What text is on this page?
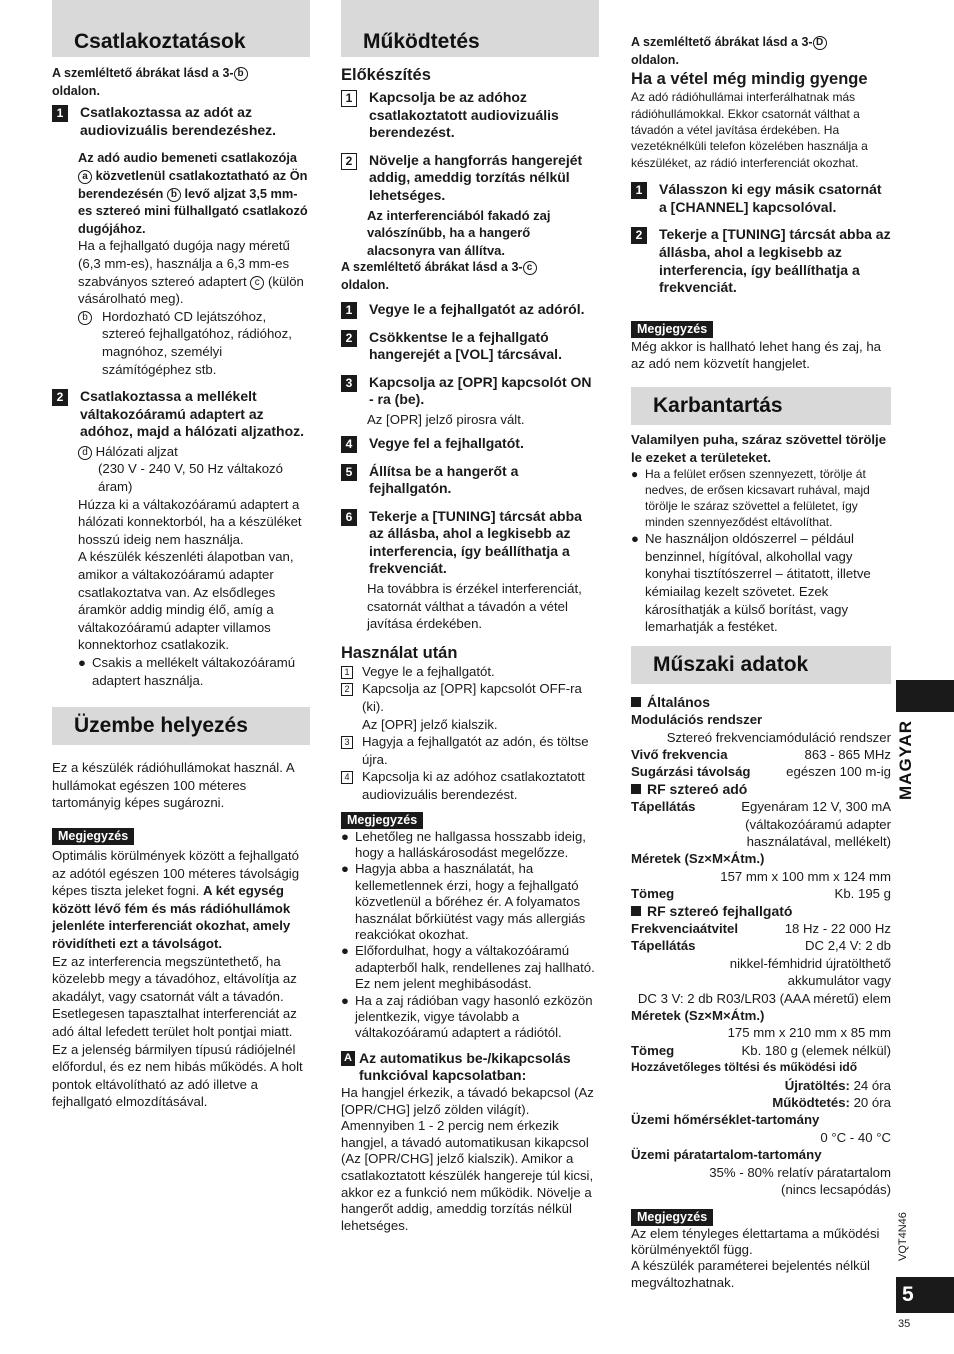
Csatlakoztatások

A szemléltető ábrákat lásd a 3- b
oldalon.

1	Csatlakoztassa az adót az audiovizuális berendezéshez.

Az adó audio bemeneti csatlakozója a közvetlenül csatlakoztatható az Ön berendezésén b levő aljzat 3,5 mm-es sztereó mini fülhallgató csatlakozó dugójához.

Ha a fejhallgató dugója nagy méretű (6,3 mm-es), használja a 6,3 mm-es szabványos sztereó adaptert c (külön vásárolható meg).

b	Hordozható CD lejátszóhoz, sztereó fejhallgatóhoz, rádióhoz, magnóhoz, személyi számítógéphez stb.
2	Csatlakoztassa a mellékelt váltakozóáramú adaptert az adóhoz, majd a hálózati aljzathoz.

d Hálózati aljzat

(230 V - 240 V, 50 Hz váltakozó áram)

Húzza ki a váltakozóáramú adaptert a hálózati konnektorból, ha a készüléket hosszú ideig nem használja.

A készülék készenléti álapotban van, amikor a váltakozóáramú adapter csatlakoztatva van. Az elsődleges áramkör addig mindig élő, amíg a váltakozóáramú adapter villamos konnektorhoz csatlakozik.

● Csakis a mellékelt váltakozóáramú adaptert használja.
Üzembe helyezés

Ez a készülék rádióhullámokat használ. A hullámokat egészen 100 méteres tartományig képes sugározni.

Megjegyzés

Optimális körülmények között a fejhallgató az adótól egészen 100 méteres távolságig képes tiszta jeleket fogni. A két egység között lévő fém és más rádióhullámok jelenléte interferenciát okozhat, amely rövidítheti ezt a távolságot.

Ez az interferencia megszüntethető, ha közelebb megy a távadóhoz, eltávolítja az akadályt, vagy csatornát vált a távadón.

Esetlegesen tapasztalhat interferenciát az adó által lefedett terület holt pontjai miatt. Ez a jelenség bármilyen típusú rádiójelnél előfordul, és ez nem hibás működés. A holt pontok eltávolítható az adó illetve a fejhallgató elmozdításával.

Működtetés

Előkészítés

1	Kapcsolja be az adóhoz csatlakoztatott audiovizuális berendezést.
2	Növelje a hangforrás hangerejét addig, ameddig torzítás nélkül lehetséges.

Az interferenciából fakadó zaj valószínűbb, ha a hangerő alacsonyra van állítva.

A szemléltető ábrákat lásd a 3- c
oldalon.

1	Vegye le a fejhallgatót az adóról.
2	Csökkentse le a fejhallgató hangerejét a [VOL] tárcsával.
3	Kapcsolja az [OPR] kapcsolót ON - ra (be).

Az [OPR] jelző pirosra vált.

4	Vegye fel a fejhallgatót.
5	Állítsa be a hangerőt a fejhallgatón.
6	Tekerje a [TUNING] tárcsát abba az állásba, ahol a legkisebb az interferencia, így beállíthatja a frekvenciát.

Ha továbbra is érzékel interferenciát, csatornát válthat a távadón a vétel javítása érdekében.

Használat után

1 Vegye le a fejhallgatót.
2 Kapcsolja az [OPR] kapcsolót OFF-ra (ki).
Az [OPR] jelző kialszik.
3 Hagyja a fejhallgatót az adón, és töltse újra.
4 Kapcsolja ki az adóhoz csatlakoztatott audiovizuális berendezést.
Megjegyzés
● Lehetőleg ne hallgassa hosszabb ideig, hogy a halláskárosodást megelőzze.
● Hagyja abba a használatát, ha kellemetlennek érzi, hogy a fejhallgató közvetlenül a bőréhez ér. A folyamatos használat bőrkiütést vagy más allergiás reakciókat okozhat.
● Előfordulhat, hogy a váltakozóáramú adapterből halk, rendellenes zaj hallható. Ez nem jelent meghibásodást.
● Ha a zaj rádióban vagy hasonló ezközön jelentkezik, vigye távolabb a váltakozóáramú adaptert a rádiótól.
A Az automatikus be-/kikapcsolás funkcióval kapcsolatban:

Ha hangjel érkezik, a távadó bekapcsol (Az [OPR/CHG] jelző zölden világít). Amennyiben 1 - 2 percig nem érkezik hangjel, a távadó automatikusan kikapcsol (Az [OPR/CHG] jelző kialszik). Amikor a csatlakoztatott készülék hangereje túl kicsi, akkor ez a funkció nem működik. Növelje a hangerőt addig, ameddig torzítás nélkül lehetséges.

A szemléltető ábrákat lásd a 3- D
oldalon.

Ha a vétel még mindig gyenge

Az adó rádióhullámai interferálhatnak más rádióhullámokkal. Ekkor csatornát válthat a távadón a vétel javítása érdekében. Ha vezetéknélküli telefon közelében használja a készüléket, az rádió interferenciát okozhat.

1	Válasszon ki egy másik csatornát a [CHANNEL] kapcsolóval.
2	Tekerje a [TUNING] tárcsát abba az állásba, ahol a legkisebb az interferencia, így beállíthatja a frekvenciát.
Megjegyzés

Még akkor is hallható lehet hang és zaj, ha az adó nem közvetít hangjelet.

Karbantartás

Valamilyen puha, száraz szövettel törölje le ezeket a területeket.

● Ha a felület erősen szennyezett, törölje át nedves, de erősen kicsavart ruhával, majd törölje le száraz szövettel a felületet, így minden szennyeződést eltávolíthat.
● Ne használjon oldószerrel – például benzinnel, hígítóval, alkohollal vagy konyhai tisztítószerrel – átitatott, illetve kémiailag kezelt szövetet. Ezek károsíthatják a külső borítást, vagy lemarhatják a festéket.
Műszaki adatok

Általános

Modulációs rendszer

Sztereó frekvenciamóduláció rendszer

Vivő frekvencia	863 - 865 MHz
Sugárzási távolság	egészen 100 m-ig

RF sztereó adó

Tápellátás	Egyenáram 12 V, 300 mA

(váltakozóáramú adapter használatával, mellékelt)

Méretek (Sz×M×Átm.)

157 mm x 100 mm x 124 mm

Tömeg	Kb. 195 g

RF sztereó fejhallgató

Frekvenciaátvitel	18 Hz - 22 000 Hz
Tápellátás	DC 2,4 V: 2 db

nikkel-fémhidrid újratölthető akkumulátor vagy

DC 3 V: 2 db R03/LR03 (AAA méretű) elem

Méretek (Sz×M×Átm.)

175 mm x 210 mm x 85 mm

Tömeg	Kb. 180 g (elemek nélkül)

Hozzávetőleges töltési és működési idő

Újratöltés: 24 óra

Működtetés: 20 óra

Üzemi hőmérséklet-tartomány

0 °C - 40 °C

Üzemi páratartalom-tartomány

35% - 80% relatív páratartalom

(nincs lecsapódás)

Megjegyzés

Az elem tényleges élettartama a működési körülményektől függ.

A készülék paraméterei bejelentés nélkül megváltozhatnak.

MAGYAR
VQT4N46
5
35
